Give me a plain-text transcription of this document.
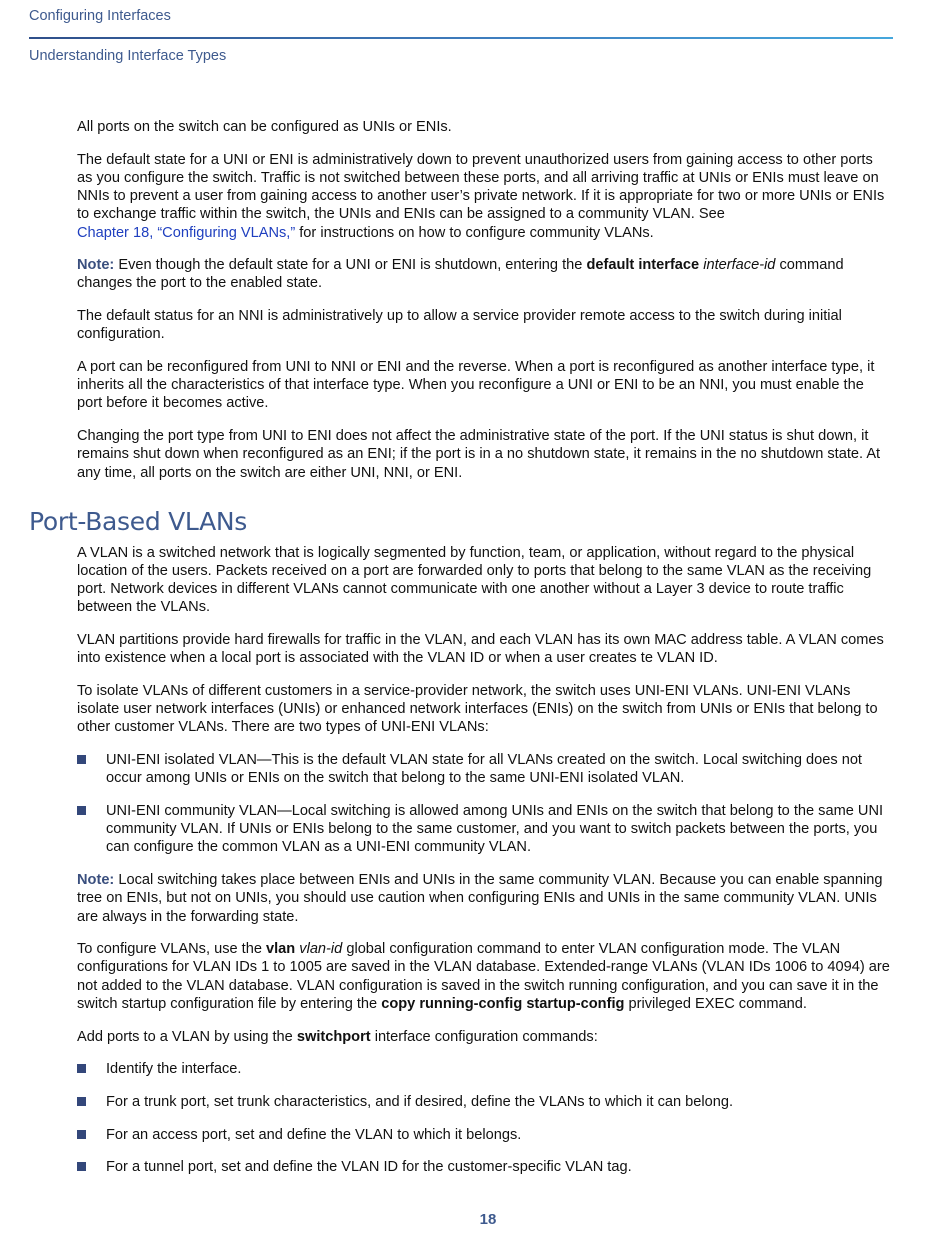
Configuring Interfaces
Understanding Interface Types

All ports on the switch can be configured as UNIs or ENIs.

The default state for a UNI or ENI is administratively down to prevent unauthorized users from gaining access to other ports as you configure the switch. Traffic is not switched between these ports, and all arriving traffic at UNIs or ENIs must leave on NNIs to prevent a user from gaining access to another user’s private network. If it is appropriate for two or more UNIs or ENIs to exchange traffic within the switch, the UNIs and ENIs can be assigned to a community VLAN. See
Chapter 18, “Configuring VLANs,” for instructions on how to configure community VLANs.

Note: Even though the default state for a UNI or ENI is shutdown, entering the default interface interface-id command changes the port to the enabled state.

The default status for an NNI is administratively up to allow a service provider remote access to the switch during initial configuration.

A port can be reconfigured from UNI to NNI or ENI and the reverse. When a port is reconfigured as another interface type, it inherits all the characteristics of that interface type. When you reconfigure a UNI or ENI to be an NNI, you must enable the port before it becomes active.

Changing the port type from UNI to ENI does not affect the administrative state of the port. If the UNI status is shut down, it remains shut down when reconfigured as an ENI; if the port is in a no shutdown state, it remains in the no shutdown state. At any time, all ports on the switch are either UNI, NNI, or ENI.

Port-Based VLANs

A VLAN is a switched network that is logically segmented by function, team, or application, without regard to the physical location of the users. Packets received on a port are forwarded only to ports that belong to the same VLAN as the receiving port. Network devices in different VLANs cannot communicate with one another without a Layer 3 device to route traffic between the VLANs.

VLAN partitions provide hard firewalls for traffic in the VLAN, and each VLAN has its own MAC address table. A VLAN comes into existence when a local port is associated with the VLAN ID or when a user creates te VLAN ID.

To isolate VLANs of different customers in a service-provider network, the switch uses UNI-ENI VLANs. UNI-ENI VLANs isolate user network interfaces (UNIs) or enhanced network interfaces (ENIs) on the switch from UNIs or ENIs that belong to other customer VLANs. There are two types of UNI-ENI VLANs:

UNI-ENI isolated VLAN—This is the default VLAN state for all VLANs created on the switch. Local switching does not occur among UNIs or ENIs on the switch that belong to the same UNI-ENI isolated VLAN.
UNI-ENI community VLAN—Local switching is allowed among UNIs and ENIs on the switch that belong to the same UNI community VLAN. If UNIs or ENIs belong to the same customer, and you want to switch packets between the ports, you can configure the common VLAN as a UNI-ENI community VLAN.

Note: Local switching takes place between ENIs and UNIs in the same community VLAN. Because you can enable spanning tree on ENIs, but not on UNIs, you should use caution when configuring ENIs and UNIs in the same community VLAN. UNIs are always in the forwarding state.

To configure VLANs, use the vlan vlan-id global configuration command to enter VLAN configuration mode. The VLAN configurations for VLAN IDs 1 to 1005 are saved in the VLAN database. Extended-range VLANs (VLAN IDs 1006 to 4094) are not added to the VLAN database. VLAN configuration is saved in the switch running configuration, and you can save it in the switch startup configuration file by entering the copy running-config startup-config privileged EXEC command.

Add ports to a VLAN by using the switchport interface configuration commands:

Identify the interface.
For a trunk port, set trunk characteristics, and if desired, define the VLANs to which it can belong.
For an access port, set and define the VLAN to which it belongs.
For a tunnel port, set and define the VLAN ID for the customer-specific VLAN tag.
18
